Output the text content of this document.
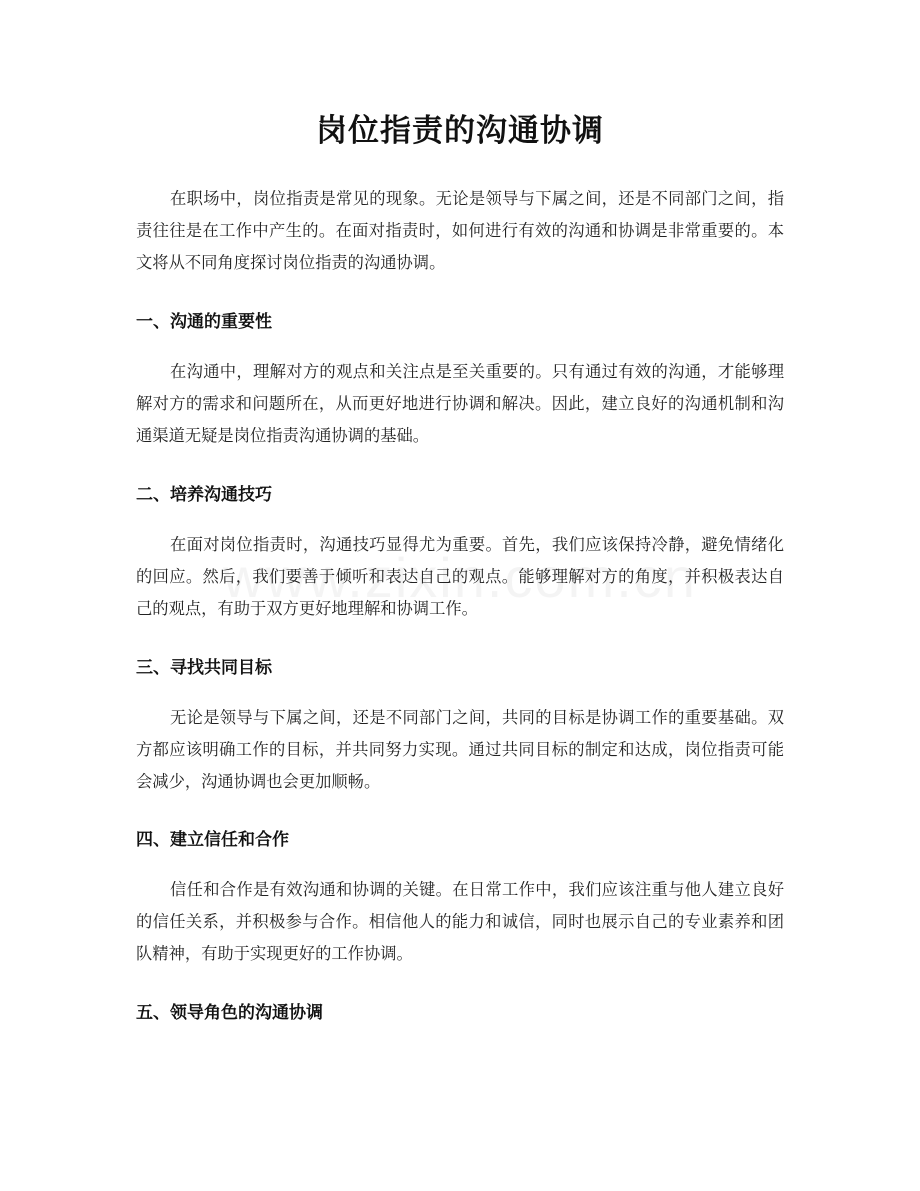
岗位指责的沟通协调

在职场中，岗位指责是常见的现象。无论是领导与下属之间，还是不同部门之间，指责往往是在工作中产生的。在面对指责时，如何进行有效的沟通和协调是非常重要的。本文将从不同角度探讨岗位指责的沟通协调。

一、沟通的重要性

在沟通中，理解对方的观点和关注点是至关重要的。只有通过有效的沟通，才能够理解对方的需求和问题所在，从而更好地进行协调和解决。因此，建立良好的沟通机制和沟通渠道无疑是岗位指责沟通协调的基础。

二、培养沟通技巧

在面对岗位指责时，沟通技巧显得尤为重要。首先，我们应该保持冷静，避免情绪化的回应。然后，我们要善于倾听和表达自己的观点。能够理解对方的角度，并积极表达自己的观点，有助于双方更好地理解和协调工作。

三、寻找共同目标

无论是领导与下属之间，还是不同部门之间，共同的目标是协调工作的重要基础。双方都应该明确工作的目标，并共同努力实现。通过共同目标的制定和达成，岗位指责可能会减少，沟通协调也会更加顺畅。

四、建立信任和合作

信任和合作是有效沟通和协调的关键。在日常工作中，我们应该注重与他人建立良好的信任关系，并积极参与合作。相信他人的能力和诚信，同时也展示自己的专业素养和团队精神，有助于实现更好的工作协调。

五、领导角色的沟通协调
